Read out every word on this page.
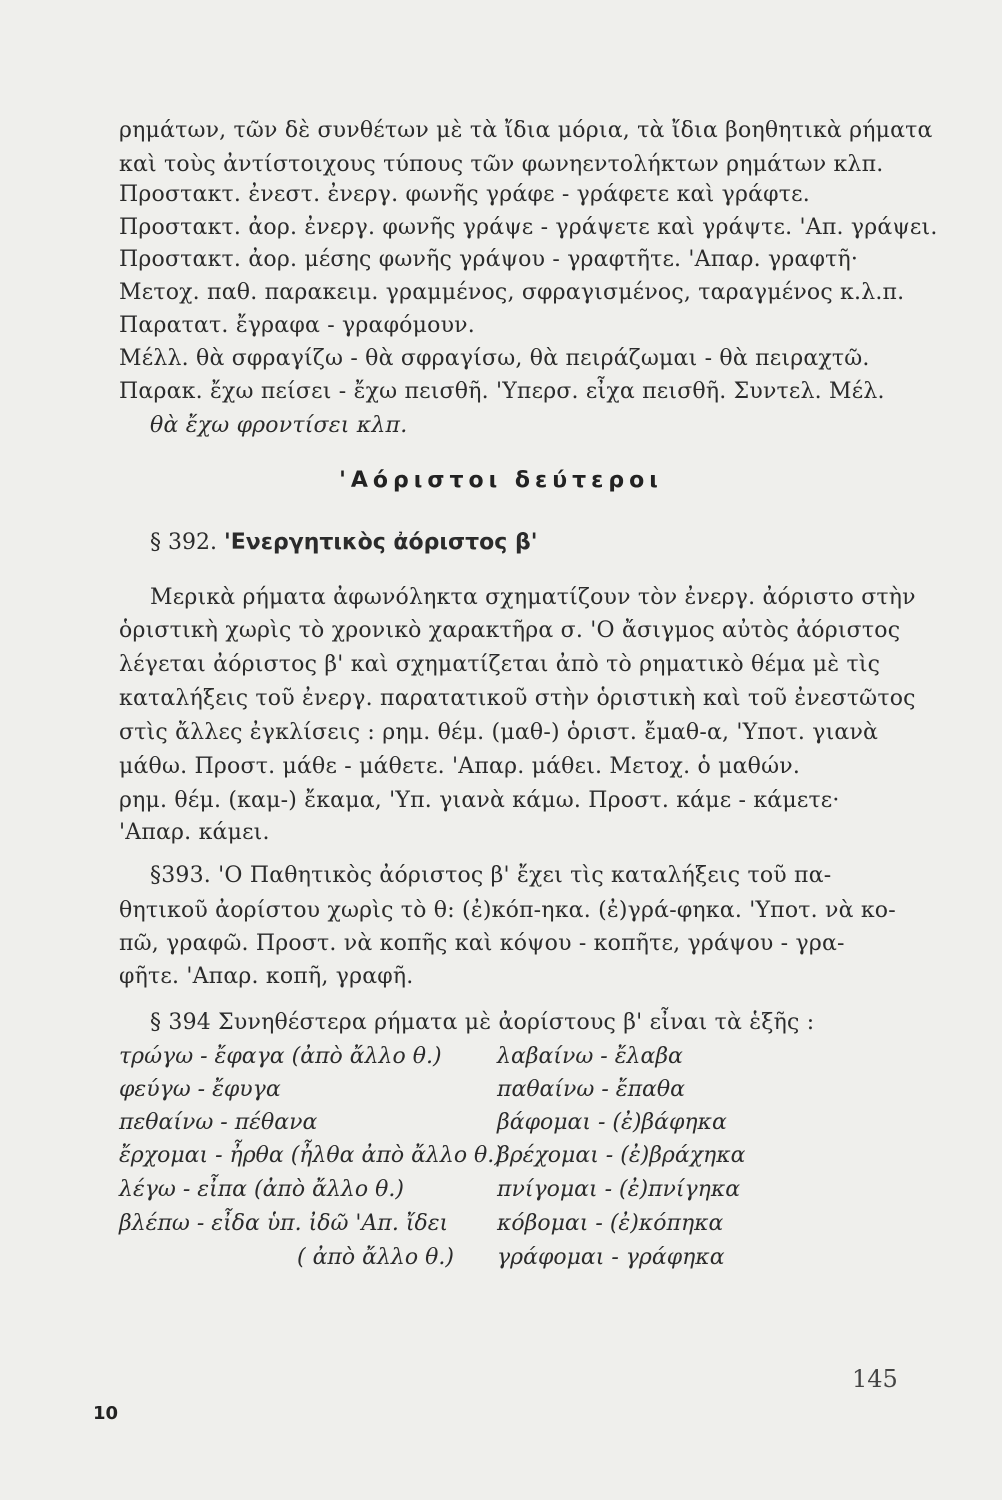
ρημάτων, τῶν δὲ συνθέτων μὲ τὰ ἴδια μόρια, τὰ ἴδια βοηθητικὰ ρήματα
καὶ τοὺς ἀντίστοιχους τύπους τῶν φωνηεντολήκτων ρημάτων κλπ.
Προστακτ. ἐνεστ. ἐνεργ. φωνῆς γράφε - γράφετε καὶ γράφτε.
Προστακτ. ἀορ. ἐνεργ. φωνῆς γράψε - γράψετε καὶ γράψτε. 'Απ. γράψει.
Προστακτ. ἀορ. μέσης φωνῆς γράψου - γραφτῆτε. 'Απαρ. γραφτῆ·
Μετοχ. παθ. παρακειμ. γραμμένος, σφραγισμένος, ταραγμένος κ.λ.π.
Παρατατ. ἔγραφα - γραφόμουν.
Μέλλ. θὰ σφραγίζω - θὰ σφραγίσω, θὰ πειράζωμαι - θὰ πειραχτῶ.
Παρακ. ἔχω πείσει - ἔχω πεισθῆ. 'Υπερσ. εἶχα πεισθῆ. Συντελ. Μέλ.
θὰ ἔχω φροντίσει κλπ.
'Αόριστοι δεύτεροι
§ 392. 'Ενεργητικὸς ἀόριστος β'
Μερικὰ ρήματα ἀφωνόληκτα σχηματίζουν τὸν ἐνεργ. ἀόριστο στὴν
ὁριστικὴ χωρὶς τὸ χρονικὸ χαρακτῆρα σ. 'Ο ἄσιγμος αὐτὸς ἀόριστος
λέγεται ἀόριστος β' καὶ σχηματίζεται ἀπὸ τὸ ρηματικὸ θέμα μὲ τὶς
καταλήξεις τοῦ ἐνεργ. παρατατικοῦ στὴν ὁριστικὴ καὶ τοῦ ἐνεστῶτος
στὶς ἄλλες ἐγκλίσεις : ρημ. θέμ. (μαθ-) ὁριστ. ἔμαθ-α, 'Υποτ. γιανὰ
μάθω. Προστ. μάθε - μάθετε. 'Απαρ. μάθει. Μετοχ. ὁ μαθών.
ρημ. θέμ. (καμ-) ἔκαμα, 'Υπ. γιανὰ κάμω. Προστ. κάμε - κάμετε·
'Απαρ. κάμει.
§393. 'Ο Παθητικὸς ἀόριστος β' ἔχει τὶς καταλήξεις τοῦ πα-
θητικοῦ ἀορίστου χωρὶς τὸ θ: (ἐ)κόπ-ηκα. (ἐ)γρά-φηκα. 'Υποτ. νὰ κο-
πῶ, γραφῶ. Προστ. νὰ κοπῆς καὶ κόψου - κοπῆτε, γράψου - γρα-
φῆτε. 'Απαρ. κοπῆ, γραφῆ.
§ 394 Συνηθέστερα ρήματα μὲ ἀορίστους β' εἶναι τὰ ἑξῆς :
τρώγω - ἔφαγα (ἀπὸ ἄλλο θ.)
φεύγω - ἔφυγα
πεθαίνω - πέθανα
ἔρχομαι - ἦρθα (ἦλθα ἀπὸ ἄλλο θ.)
λέγω - εἶπα (ἀπὸ ἄλλο θ.)
βλέπω - εἶδα ὑπ. ἰδῶ 'Απ. ἴδει
( ἀπὸ ἄλλο θ.)
λαβαίνω - ἔλαβα
παθαίνω - ἔπαθα
βάφομαι - (ἐ)βάφηκα
βρέχομαι - (ἐ)βράχηκα
πνίγομαι - (ἐ)πνίγηκα
κόβομαι - (ἐ)κόπηκα
γράφομαι - γράφηκα
145
10
